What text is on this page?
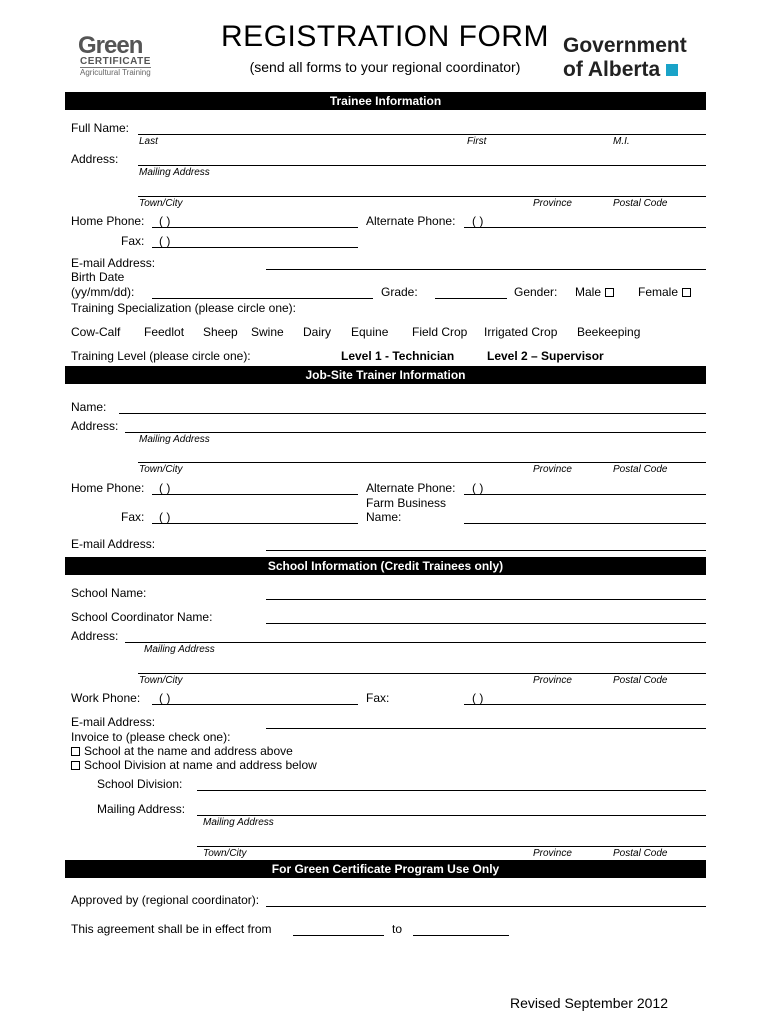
Green
CERTIFICATE
Agricultural Training
REGISTRATION FORM
(send all forms to your regional coordinator)
Government
of Alberta
Trainee Information
Full Name:
Last	First	M.I.
Address:
Mailing Address
Town/City	Province	Postal Code
Home Phone: ( )	Alternate Phone: ( )
Fax: ( )
E-mail Address:
Birth Date
(yy/mm/dd):	Grade:	Gender: Male	Female
Training Specialization (please circle one):
Cow-Calf Feedlot Sheep Swine Dairy Equine Field Crop Irrigated Crop Beekeeping
Training Level (please circle one):	Level 1 - Technician	Level 2 – Supervisor
Job-Site Trainer Information
Name:
Address:
Mailing Address
Town/City	Province	Postal Code
Home Phone: ( )	Alternate Phone: ( )
Farm Business
Fax: ( )	Name:
E-mail Address:
School Information (Credit Trainees only)
School Name:
School Coordinator Name:
Address:
Mailing Address
Town/City	Province	Postal Code
Work Phone: ( )	Fax:	( )
E-mail Address:
Invoice to (please check one):
School at the name and address above
School Division at name and address below
School Division:
Mailing Address:
Mailing Address
Town/City	Province	Postal Code
For Green Certificate Program Use Only
Approved by (regional coordinator):
This agreement shall be in effect from	to
Revised September 2012
